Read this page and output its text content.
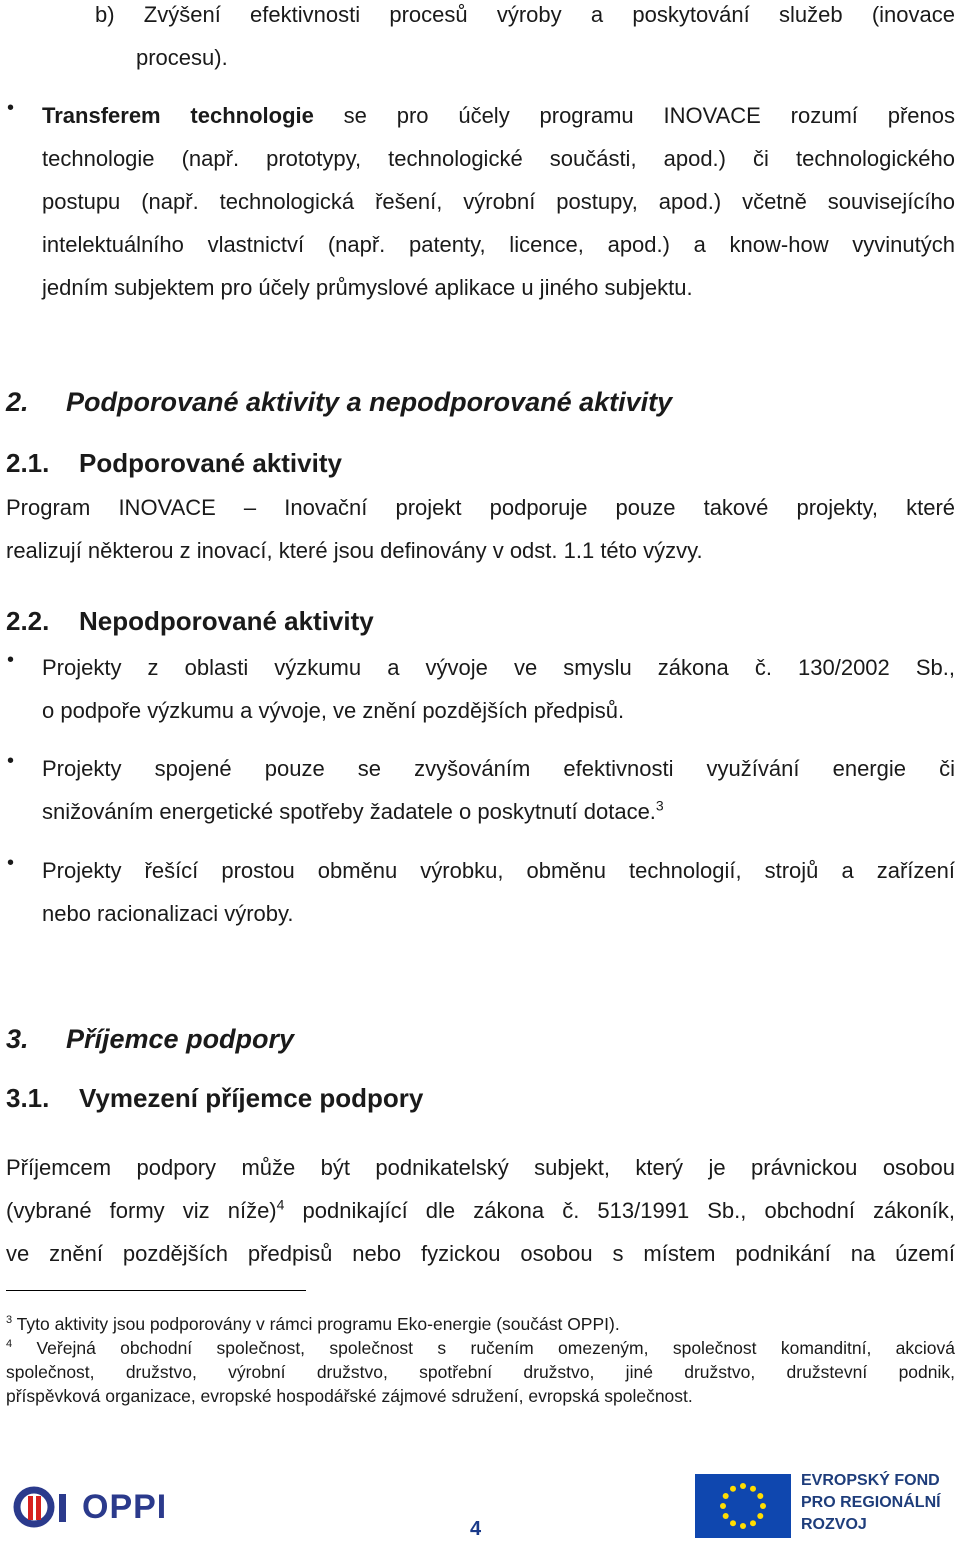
b) Zvýšení efektivnosti procesů výroby a poskytování služeb (inovace
procesu).
•
Transferem technologie se pro účely programu INOVACE rozumí přenos
technologie (např. prototypy, technologické součásti, apod.) či technologického
postupu (např. technologická řešení, výrobní postupy, apod.) včetně souvisejícího
intelektuálního vlastnictví (např. patenty, licence, apod.) a know-how vyvinutých
jedním subjektem pro účely průmyslové aplikace u jiného subjektu.
2. Podporované aktivity a nepodporované aktivity
2.1. Podporované aktivity
Program INOVACE – Inovační projekt podporuje pouze takové projekty, které
realizují některou z inovací, které jsou definovány v odst. 1.1 této výzvy.
2.2. Nepodporované aktivity
•
Projekty z oblasti výzkumu a vývoje ve smyslu zákona č. 130/2002 Sb.,
o podpoře výzkumu a vývoje, ve znění pozdějších předpisů.
•
Projekty spojené pouze se zvyšováním efektivnosti využívání energie či
snižováním energetické spotřeby žadatele o poskytnutí dotace.$^3$
•
Projekty řešící prostou obměnu výrobku, obměnu technologií, strojů a zařízení
nebo racionalizaci výroby.
3. Příjemce podpory
3.1. Vymezení příjemce podpory
Příjemcem podpory může být podnikatelský subjekt, který je právnickou osobou
(vybrané formy viz níže)$^4$ podnikající dle zákona č. 513/1991 Sb., obchodní zákoník,
ve znění pozdějších předpisů nebo fyzickou osobou s místem podnikání na území
$^3$ Tyto aktivity jsou podporovány v rámci programu Eko-energie (součást OPPI).
$^4$ Veřejná obchodní společnost, společnost s ručením omezeným, společnost komanditní, akciová
společnost, družstvo, výrobní družstvo, spotřební družstvo, jiné družstvo, družstevní podnik,
příspěvková organizace, evropské hospodářské zájmové sdružení, evropská společnost.
OPPI
4
EVROPSKÝ FOND
PRO REGIONÁLNÍ
ROZVOJ
